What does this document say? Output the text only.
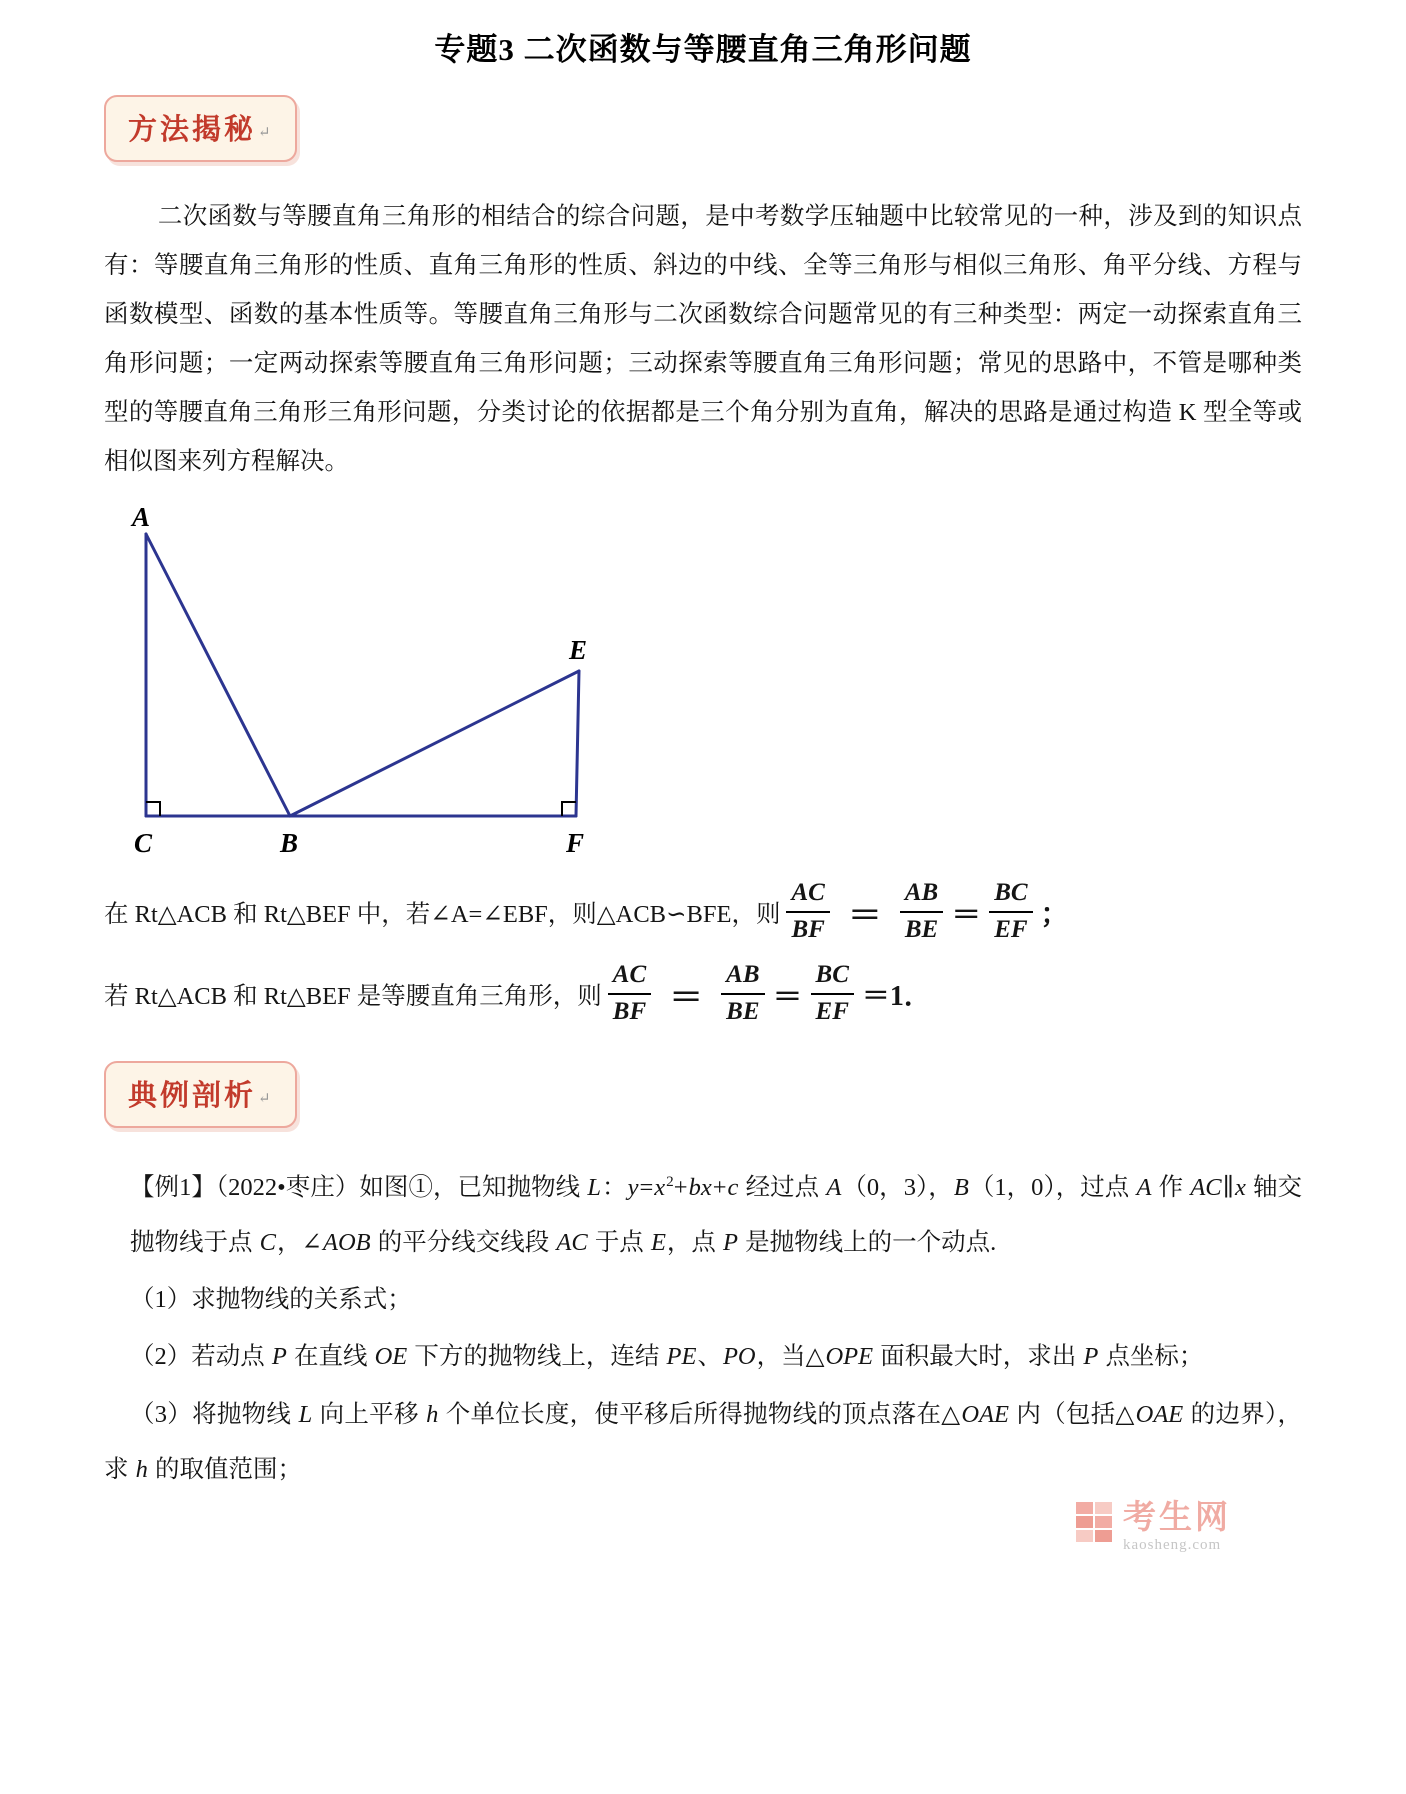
专题3 二次函数与等腰直角三角形问题
方法揭秘 ↵
二次函数与等腰直角三角形的相结合的综合问题，是中考数学压轴题中比较常见的一种，涉及到的知识点有：等腰直角三角形的性质、直角三角形的性质、斜边的中线、全等三角形与相似三角形、角平分线、方程与函数模型、函数的基本性质等。等腰直角三角形与二次函数综合问题常见的有三种类型：两定一动探索直角三角形问题；一定两动探索等腰直角三角形问题；三动探索等腰直角三角形问题；常见的思路中，不管是哪种类型的等腰直角三角形三角形问题，分类讨论的依据都是三个角分别为直角，解决的思路是通过构造 K 型全等或相似图来列方程解决。
A
C	B
E
F
在 Rt△ACB 和 Rt△BEF 中，若∠A=∠EBF，则△ACB∽BFE，则 $\frac{AC}{BF} = \frac{AB}{BE} = \frac{BC}{EF}$ ；
若 Rt△ACB 和 Rt△BEF 是等腰直角三角形，则 $\frac{AC}{BF} = \frac{AB}{BE} = \frac{BC}{EF} =1$．
典例剖析 ↵
【例1】（2022•枣庄）如图①，已知抛物线 L：$y=x^2+bx+c$ 经过点 A（0，3），B（1，0），过点 A 作 AC∥x 轴交抛物线于点 C，∠AOB 的平分线交线段 AC 于点 E，点 P 是抛物线上的一个动点.
（1）求抛物线的关系式；
（2）若动点 P 在直线 OE 下方的抛物线上，连结 PE、PO，当△OPE 面积最大时，求出 P 点坐标；
（3）将抛物线 L 向上平移 h 个单位长度，使平移后所得抛物线的顶点落在△OAE 内（包括△OAE 的边界），求 h 的取值范围；
考生网
kaosheng.com
